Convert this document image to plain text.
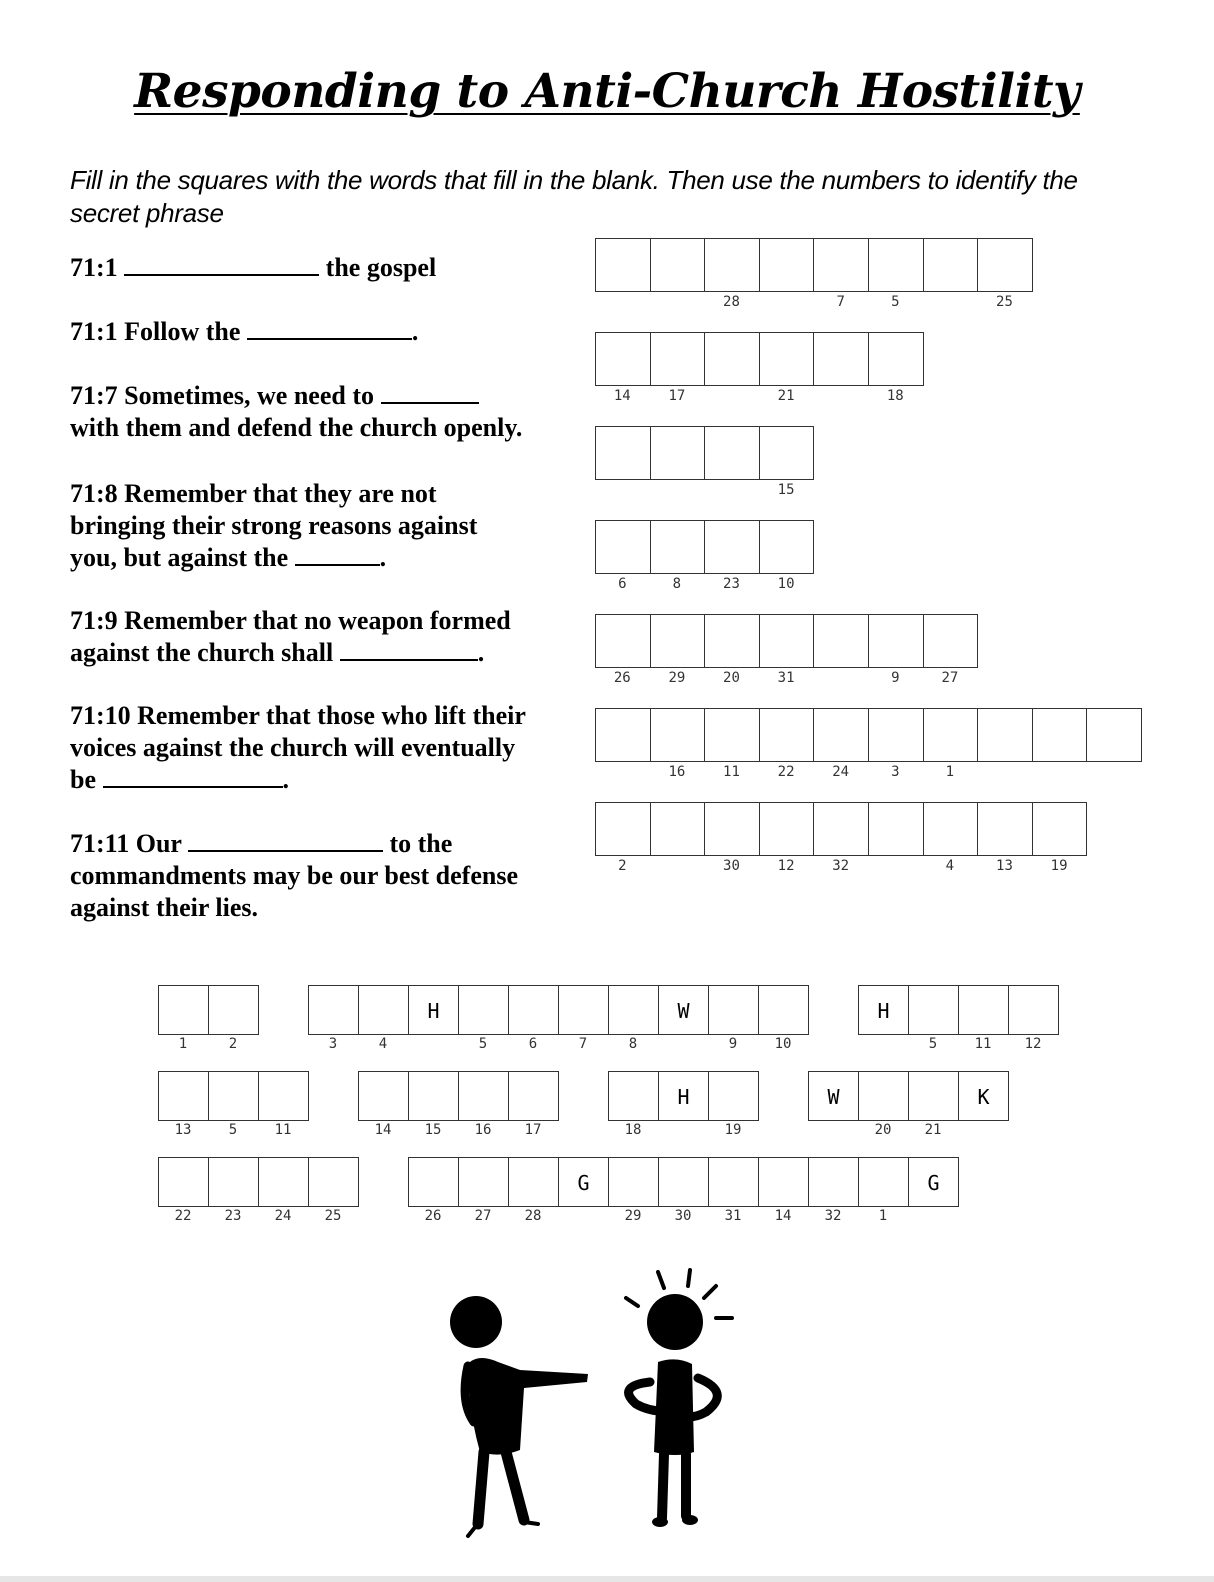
Responding to Anti-Church Hostility
Fill in the squares with the words that fill in the blank. Then use the numbers to identify the secret phrase
71:1	the gospel
71:1 Follow the	.
71:7 Sometimes, we need to
with them and defend the church openly.
71:8 Remember that they are not
bringing their strong reasons against
you, but against the	.
71:9 Remember that no weapon formed
against the church shall	.
71:10 Remember that those who lift their
voices against the church will eventually
be	.
71:11 Our	to the
commandments may be our best defense
against their lies.
28	7	5	25
14	17	21	18
15
6	8	23	10
26	29	20	31	9	27
16	11	22	24	3	1
2	30	12	32	4	13	19
1	2	3	4
H
5	6	7	8
W
9	10
H
5	11	12
13	5	11	14	15	16	17	18
H
19
W
20	21
K
22	23	24	25	26	27	28
G
29	30	31	14	32	1
G
